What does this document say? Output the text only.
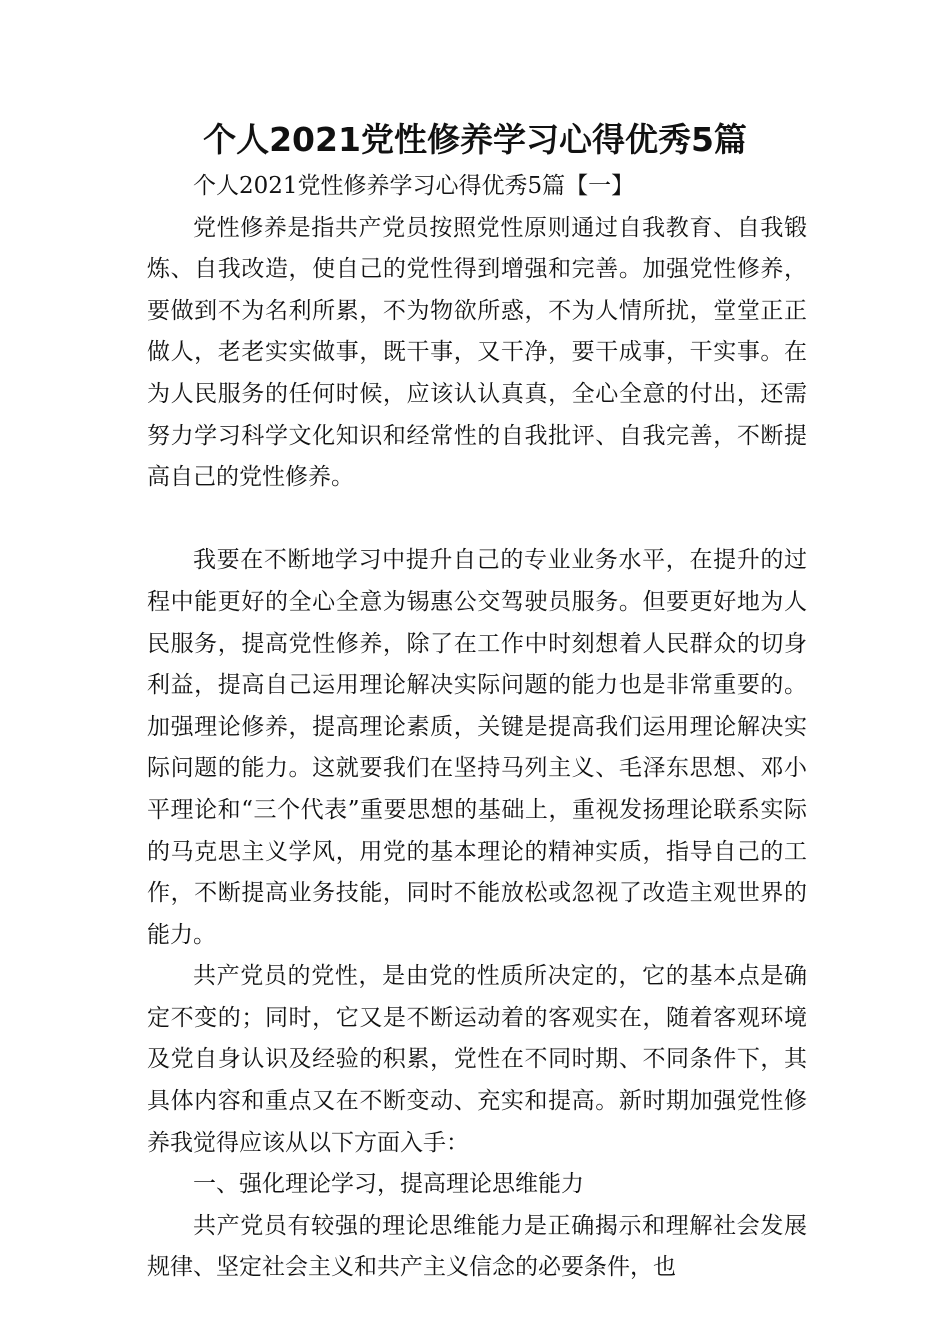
个人2021党性修养学习心得优秀5篇

个人2021党性修养学习心得优秀5篇【一】

党性修养是指共产党员按照党性原则通过自我教育、自我锻炼、自我改造，使自己的党性得到增强和完善。加强党性修养，要做到不为名利所累，不为物欲所惑，不为人情所扰，堂堂正正做人，老老实实做事，既干事，又干净，要干成事，干实事。在为人民服务的任何时候，应该认认真真，全心全意的付出，还需努力学习科学文化知识和经常性的自我批评、自我完善，不断提高自己的党性修养。

我要在不断地学习中提升自己的专业业务水平，在提升的过程中能更好的全心全意为锡惠公交驾驶员服务。但要更好地为人民服务，提高党性修养，除了在工作中时刻想着人民群众的切身利益，提高自己运用理论解决实际问题的能力也是非常重要的。加强理论修养，提高理论素质，关键是提高我们运用理论解决实际问题的能力。这就要我们在坚持马列主义、毛泽东思想、邓小平理论和“三个代表”重要思想的基础上，重视发扬理论联系实际的马克思主义学风，用党的基本理论的精神实质，指导自己的工作，不断提高业务技能，同时不能放松或忽视了改造主观世界的能力。

共产党员的党性，是由党的性质所决定的，它的基本点是确定不变的；同时，它又是不断运动着的客观实在，随着客观环境及党自身认识及经验的积累，党性在不同时期、不同条件下，其具体内容和重点又在不断变动、充实和提高。新时期加强党性修养我觉得应该从以下方面入手：

一、强化理论学习，提高理论思维能力

共产党员有较强的理论思维能力是正确揭示和理解社会发展规律、坚定社会主义和共产主义信念的必要条件，也
